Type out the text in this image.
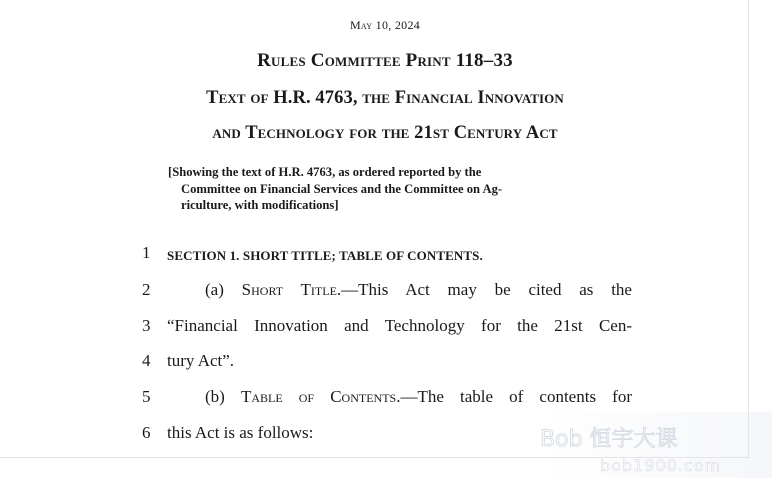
May 10, 2024
Rules Committee Print 118–33
Text of H.R. 4763, the Financial Innovation
and Technology for the 21st Century Act
[Showing the text of H.R. 4763, as ordered reported by the
Committee on Financial Services and the Committee on Ag-
riculture, with modifications]
1	SECTION 1. SHORT TITLE; TABLE OF CONTENTS.
2	(a) Short Title.—This Act may be cited as the
3 “Financial Innovation and Technology for the 21st Cen-
4 tury Act”.
5	(b) Table of Contents.—The table of contents for
6 this Act is as follows:	Bob 恒宇大课
bob1900.com
